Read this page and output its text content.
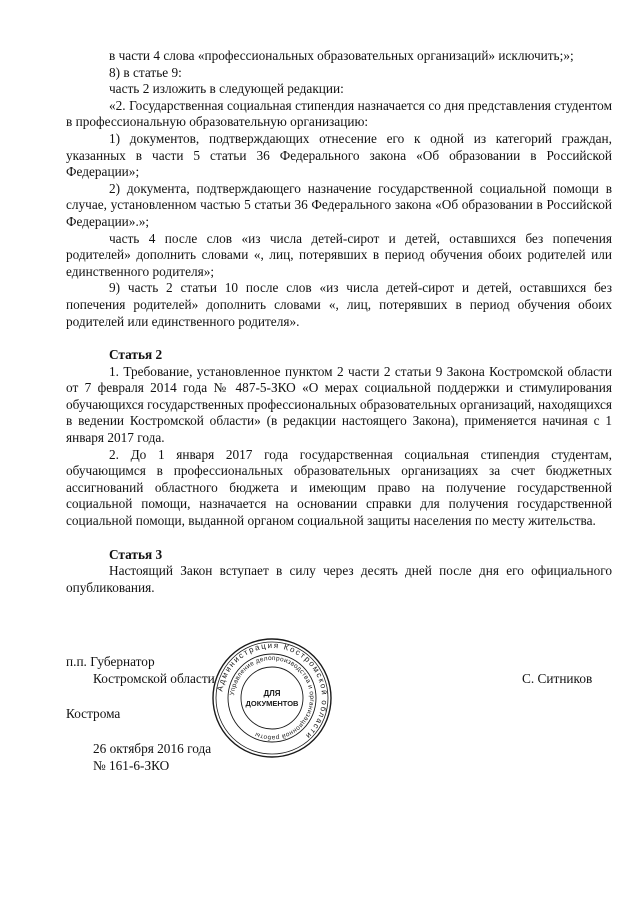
в части 4 слова «профессиональных образовательных организаций» исключить;»;

8) в статье 9:

часть 2 изложить в следующей редакции:

«2. Государственная социальная стипендия назначается со дня представления студентом в профессиональную образовательную организацию:

1) документов, подтверждающих отнесение его к одной из категорий граждан, указанных в части 5 статьи 36 Федерального закона «Об образовании в Российской Федерации»;

2) документа, подтверждающего назначение государственной социальной помощи в случае, установленном частью 5 статьи 36 Федерального закона «Об образовании в Российской Федерации».»;

часть 4 после слов «из числа детей-сирот и детей, оставшихся без попечения родителей» дополнить словами «, лиц, потерявших в период обучения обоих родителей или единственного родителя»;

9) часть 2 статьи 10 после слов «из числа детей-сирот и детей, оставшихся без попечения родителей» дополнить словами «, лиц, потерявших в период обучения обоих родителей или единственного родителя».

Статья 2

1. Требование, установленное пунктом 2 части 2 статьи 9 Закона Костромской области от 7 февраля 2014 года № 487-5-ЗКО «О мерах социальной поддержки и стимулирования обучающихся государственных профессиональных образовательных организаций, находящихся в ведении Костромской области» (в редакции настоящего Закона), применяется начиная с 1 января 2017 года.

2. До 1 января 2017 года государственная социальная стипендия студентам, обучающимся в профессиональных образовательных организациях за счет бюджетных ассигнований областного бюджета и имеющим право на получение государственной социальной помощи, назначается на основании справки для получения государственной социальной помощи, выданной органом социальной защиты населения по месту жительства.

Статья 3

Настоящий Закон вступает в силу через десять дней после дня его официального опубликования.

п.п. Губернатор
Костромской области	С. Ситников
Кострома
26 октября 2016 года
№ 161-6-ЗКО
Администрация Костромской области
Управление делопроизводства и организационной работы
ДЛЯ
ДОКУМЕНТОВ
